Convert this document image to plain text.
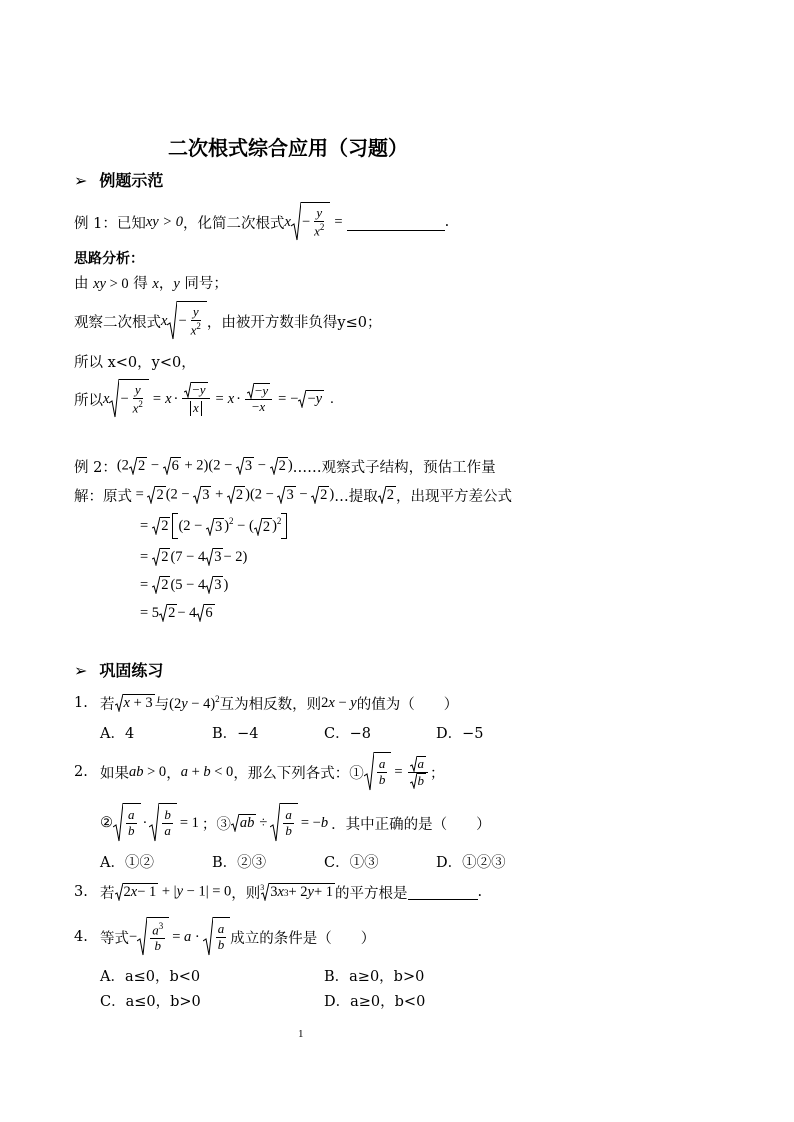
二次根式综合应用（习题）
➢ 例题示范
例 1： 已知 xy > 0 ，化简二次根式 $x - \frac{y}{x^2}$ =	.
思路分析：
由 xy > 0 得 x，y 同号；
观察二次根式 $x - \frac{y}{x^2}$ ，由被开方数非负得 y≤0；
所以 x<0，y<0，
所以 $x - \frac{y}{x^2} = x \cdot \frac{- y}{x} = x \cdot \frac{- y}{-x}$ = − − y .
例 2： (2 2 − 6 + 2)(2 − 3 − 2 ) ……观察式子结构，预估工作量
解：原式 = 2 (2 − 3 + 2 )(2 − 3 − 2 ) …提取 2 ，出现平方差公式
= 2 (2 − 3 )$^2$ − ( 2 )$^2$
= 2 (7 − 4 3 − 2)
= 2 (5 − 4 3 )
= 5 2 − 4 6
➢ 巩固练习
1. 若 x + 3 与 $(2y - 4)^2$ 互为相反数，则 2x − y 的值为（　　）
A．4	B．−4	C．−8	D．−5
2. 如果 ab > 0 ， a + b < 0 ，那么下列各式：① $\frac{a}{b} = \frac{a}{b}$ ；
② $\frac{a}{b} \cdot \frac{b}{a} = 1$ ；③ ab ÷ $\frac{a}{b} = -b$ ．其中正确的是（　　）
A．①②	B．②③	C．①③	D．①②③
3. 若 2 x − 1 + |y − 1| = 0 ，则 $^3$ 3 x 3 + 2 y + 1 的平方根是	.
4. 等式 − $\frac{a^3}{b} = a \cdot \frac{a}{b}$ 成立的条件是（　　）
A．a≤0，b<0	B．a≥0，b>0
C．a≤0，b>0	D．a≥0，b<0
1
